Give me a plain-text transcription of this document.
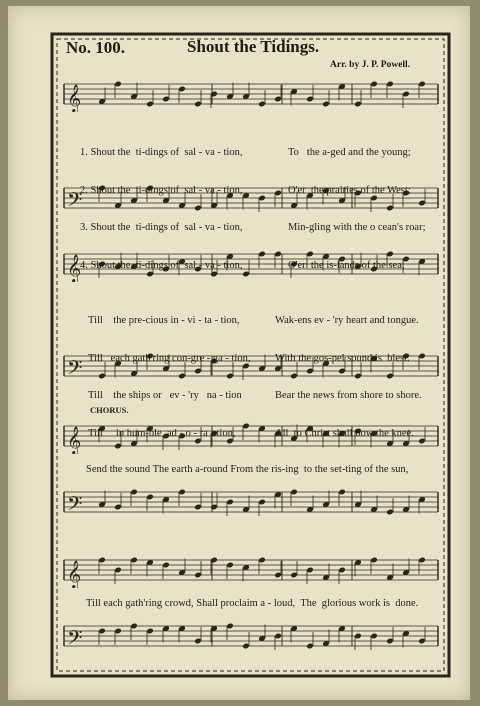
No. 100.	Shout the Tidings.
Arr. by J. P. Powell.
𝄞
𝄢
𝄞
𝄢
𝄞
𝄢
𝄞
𝄢

1. Shout the  ti-dings of  sal - va - tion,

2. Shout the  ti-dings of  sal - va - tion,

3. Shout the  ti-dings of  sal - va - tion,

4. Shout the  ti-dings of  sal - va - tion,

To   the a-ged and the young;

O'er  the prairies of the West;

Min-gling with the o cean's roar;

O'er  the is-lands of the sea;

Till    the pre-cious in - vi - ta - tion,

Till   each gath'ring con-gre - ga - tion,

Till    the ships or   ev - 'ry   na - tion

Till     in hum-ble  ad - o - ra - tion,

Wak-ens ev - 'ry heart and tongue.

With the gos-pel sound is  blest.

Bear the news from shore to shore.

All  to Christ shall bow the knee.

CHORUS.
Send the sound The earth a-round From the ris-ing  to the set-ting of the sun,
Till each gath'ring crowd, Shall proclaim a - loud,  The  glorious work is  done.
